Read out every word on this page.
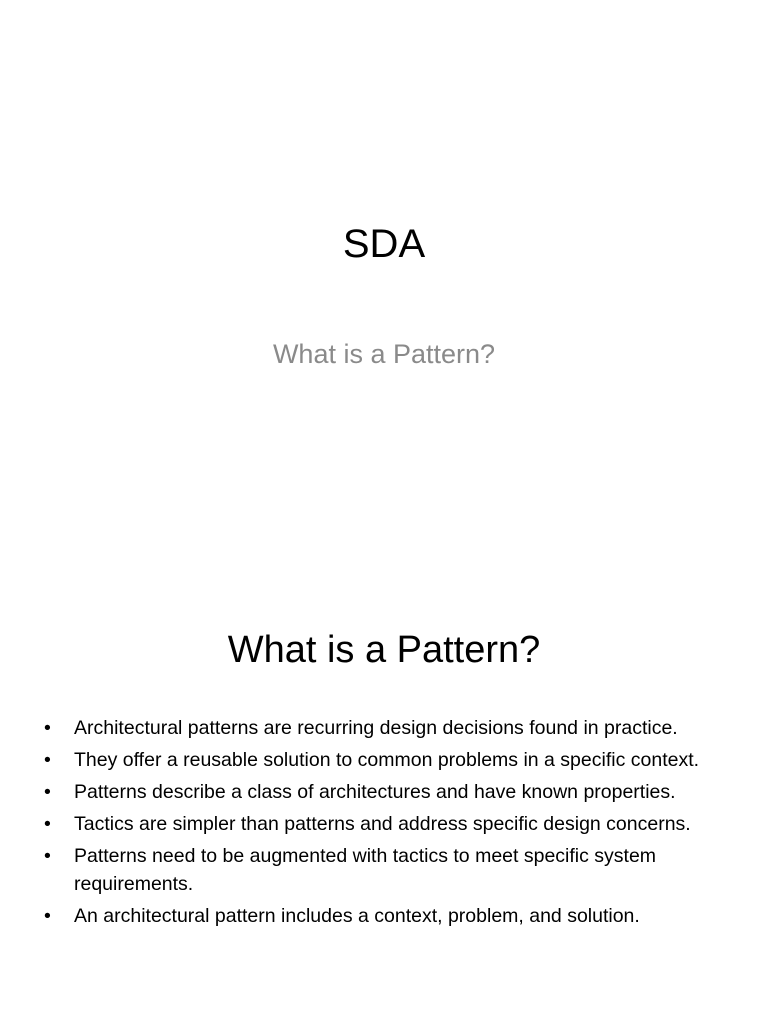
SDA

What is a Pattern?

What is a Pattern?
• Architectural patterns are recurring design decisions found in practice.
• They offer a reusable solution to common problems in a specific context.
• Patterns describe a class of architectures and have known properties.
• Tactics are simpler than patterns and address specific design concerns.
• Patterns need to be augmented with tactics to meet specific system requirements.
• An architectural pattern includes a context, problem, and solution.
